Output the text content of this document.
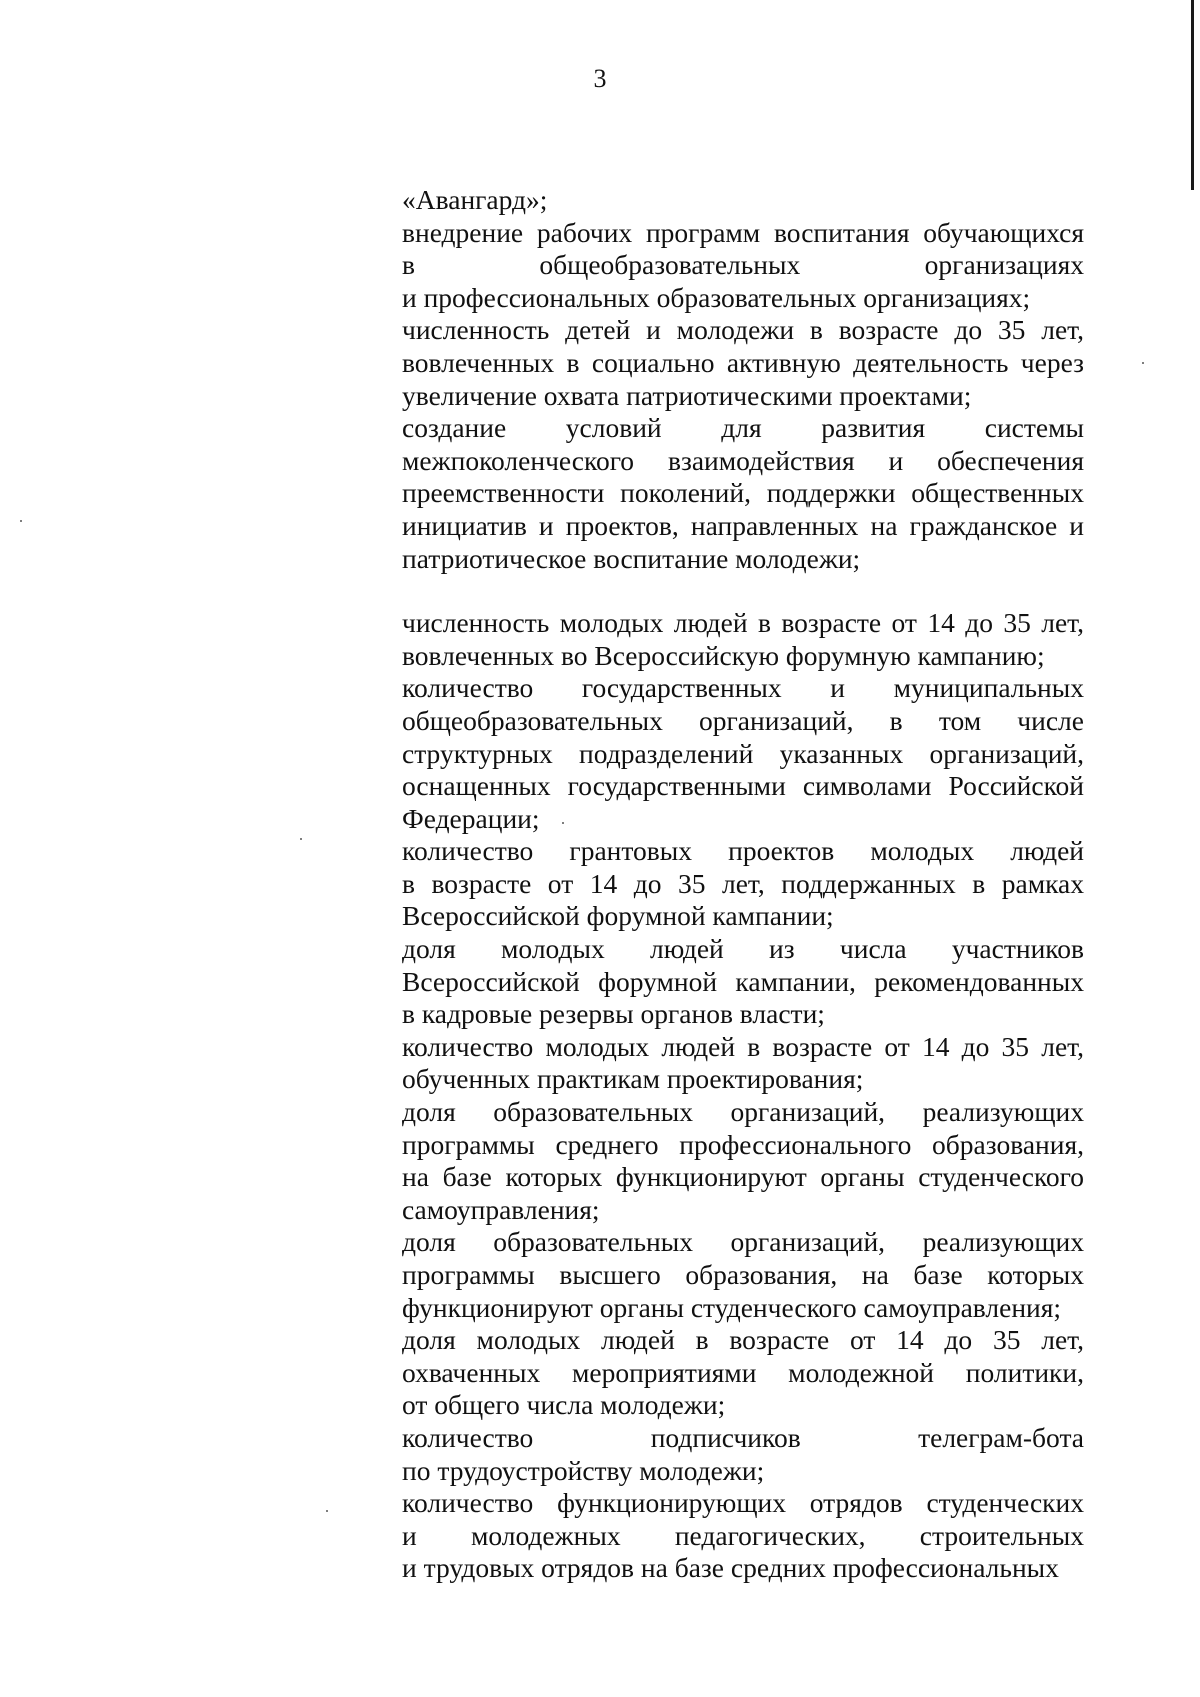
3
«Авангард»;
внедрение рабочих программ воспитания обучающихся
в общеобразовательных организациях
и профессиональных образовательных организациях;
численность детей и молодежи в возрасте до 35 лет,
вовлеченных в социально активную деятельность через
увеличение охвата патриотическими проектами;
создание условий для развития системы
межпоколенческого взаимодействия и обеспечения
преемственности поколений, поддержки общественных
инициатив и проектов, направленных на гражданское и
патриотическое воспитание молодежи;
численность молодых людей в возрасте от 14 до 35 лет,
вовлеченных во Всероссийскую форумную кампанию;
количество государственных и муниципальных
общеобразовательных организаций, в том числе
структурных подразделений указанных организаций,
оснащенных государственными символами Российской
Федерации;
количество грантовых проектов молодых людей
в возрасте от 14 до 35 лет, поддержанных в рамках
Всероссийской форумной кампании;
доля молодых людей из числа участников
Всероссийской форумной кампании, рекомендованных
в кадровые резервы органов власти;
количество молодых людей в возрасте от 14 до 35 лет,
обученных практикам проектирования;
доля образовательных организаций, реализующих
программы среднего профессионального образования,
на базе которых функционируют органы студенческого
самоуправления;
доля образовательных организаций, реализующих
программы высшего образования, на базе которых
функционируют органы студенческого самоуправления;
доля молодых людей в возрасте от 14 до 35 лет,
охваченных мероприятиями молодежной политики,
от общего числа молодежи;
количество подписчиков телеграм-бота
по трудоустройству молодежи;
количество функционирующих отрядов студенческих
и молодежных педагогических, строительных
и трудовых отрядов на базе средних профессиональных
